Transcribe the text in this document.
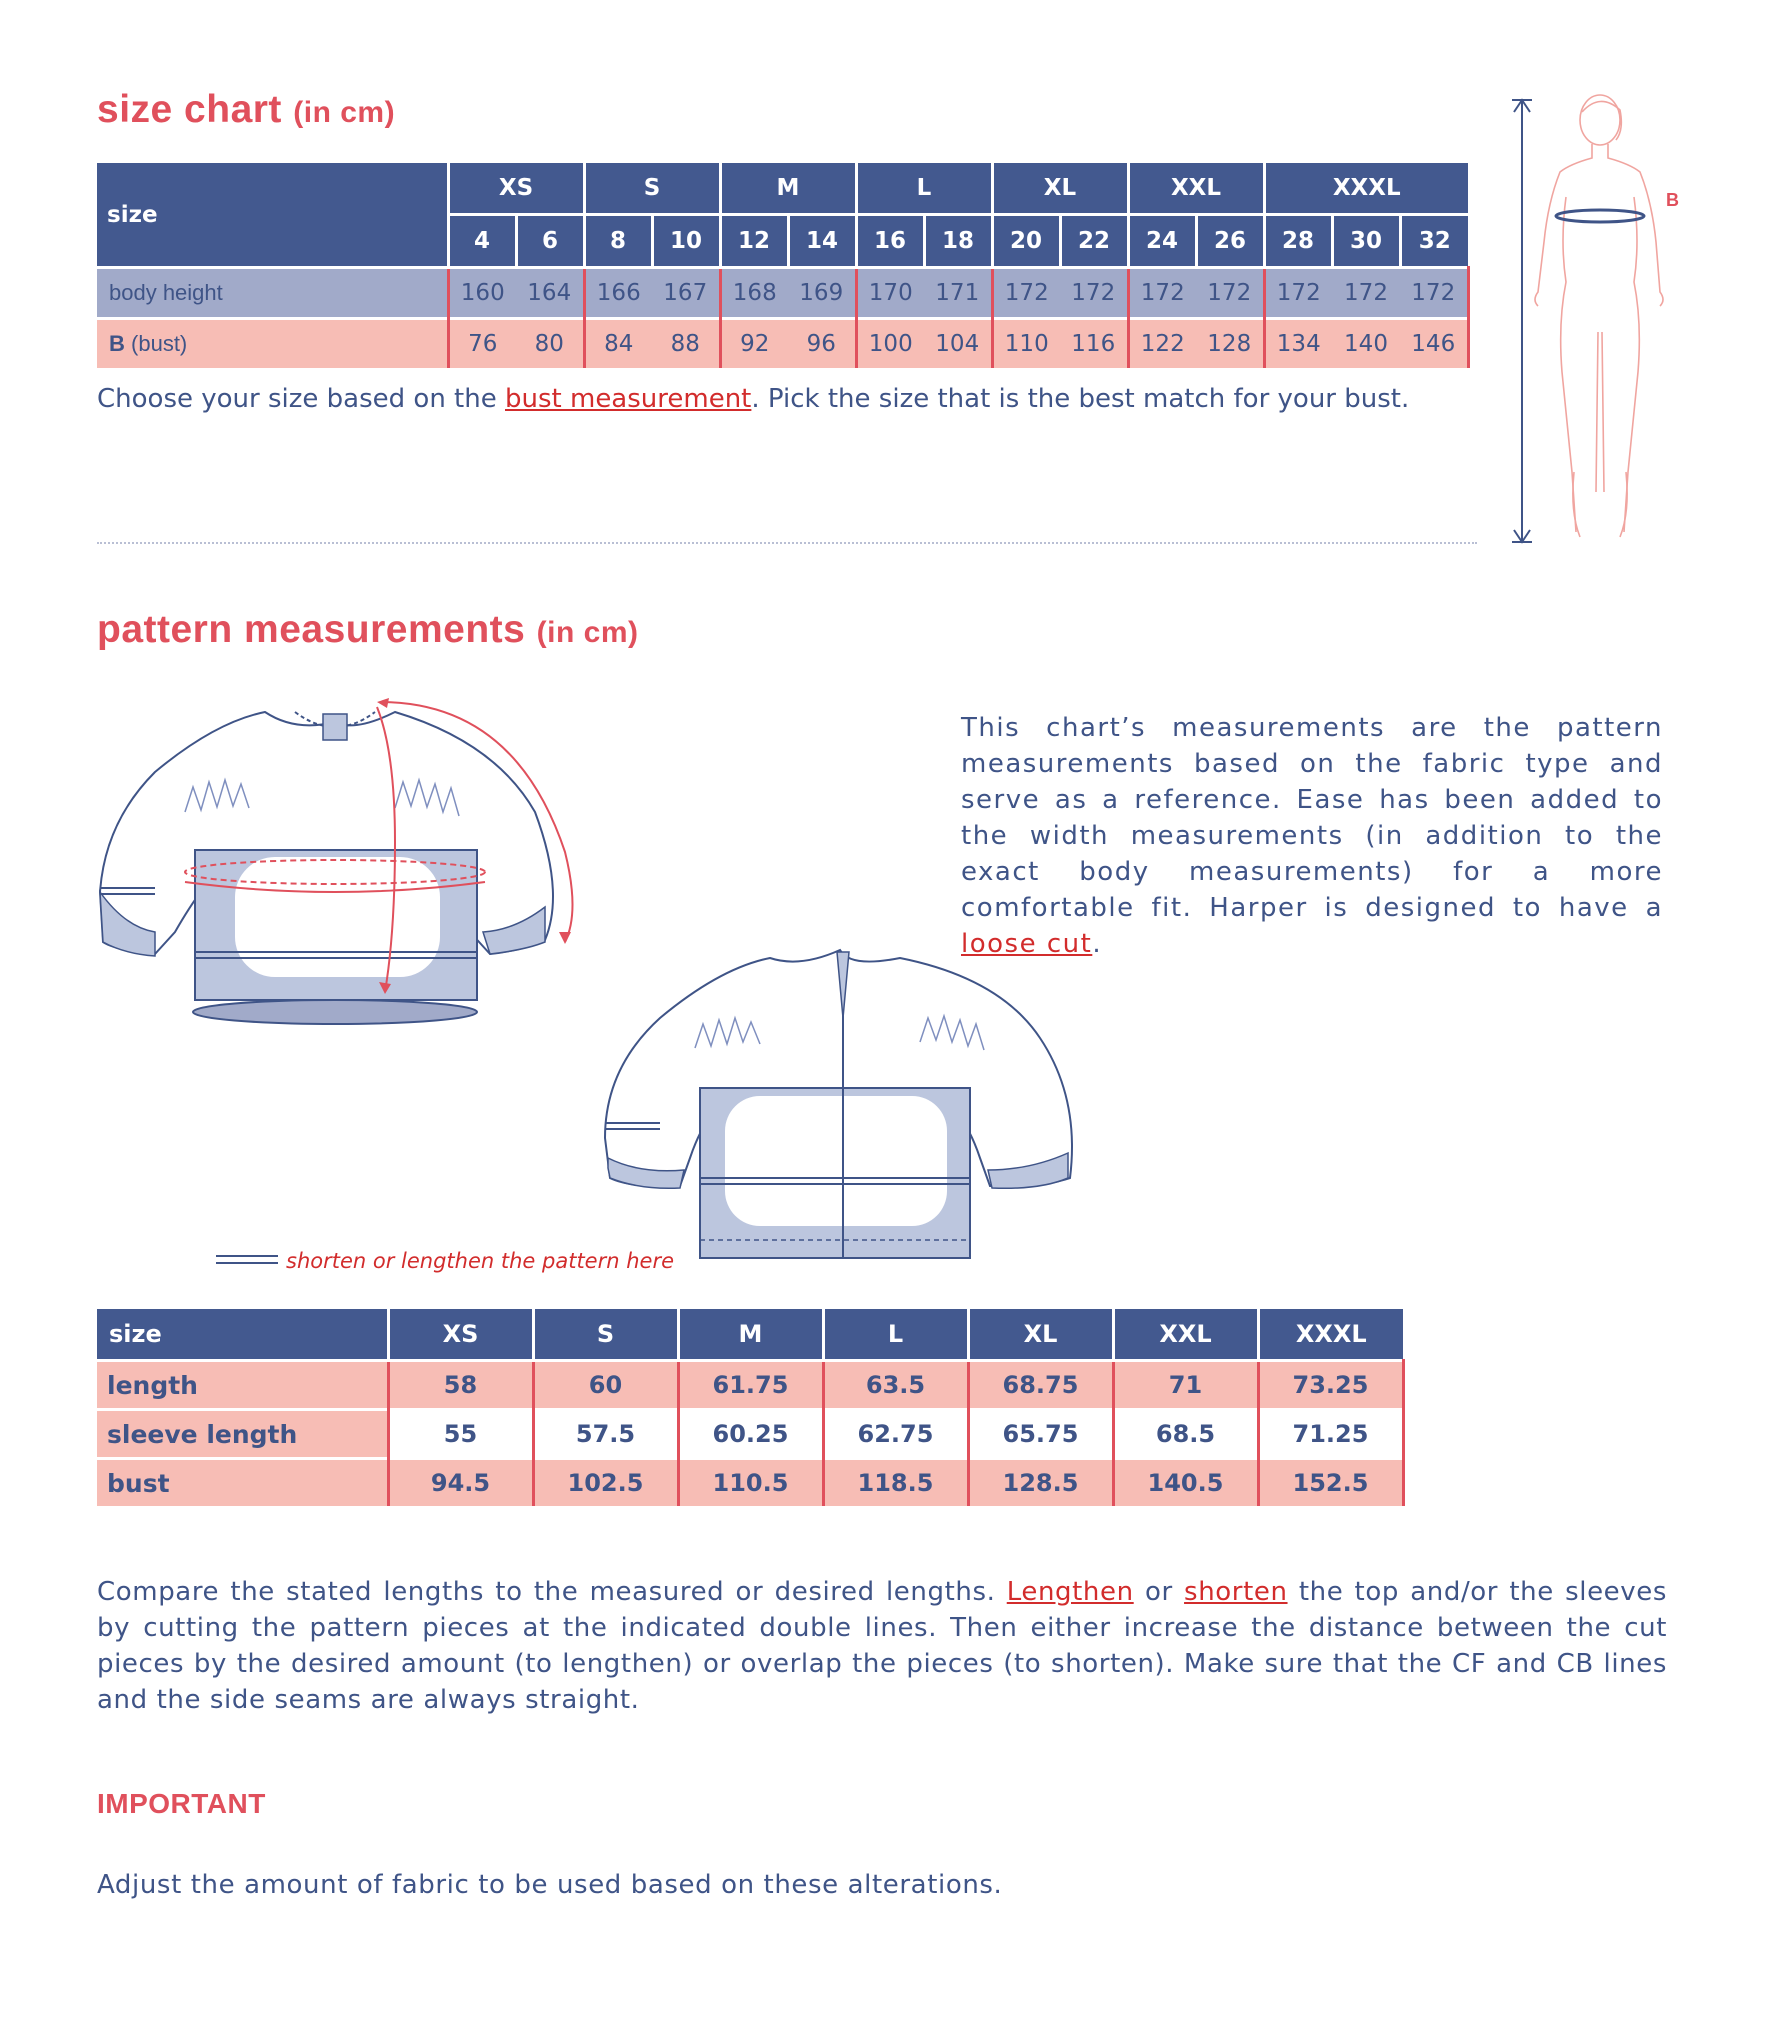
size chart (in cm)
size	XS		S		M		L		XL		XXL		XXXL		
	4	6	8	10	12	14	16	18	20	22	24	26	28	30	32
body height	160	164	166	167	168	169	170	171	172	172	172	172	172	172	172
B (bust)	76	80	84	88	92	96	100	104	110	116	122	128	134	140	146
Choose your size based on the bust measurement. Pick the size that is the best match for your bust.
B
pattern measurements (in cm)
This chart’s measurements are the pattern measurements based on the fabric type and serve as a reference. Ease has been added to the width measurements (in addition to the exact body measurements) for a more comfortable fit. Harper is designed to have a loose cut.
shorten or lengthen the pattern here
size	XS	S	M	L	XL	XXL	XXXL
length	58	60	61.75	63.5	68.75	71	73.25
sleeve length	55	57.5	60.25	62.75	65.75	68.5	71.25
bust	94.5	102.5	110.5	118.5	128.5	140.5	152.5
Compare the stated lengths to the measured or desired lengths. Lengthen or shorten the top and/or the sleeves by cutting the pattern pieces at the indicated double lines. Then either increase the distance between the cut pieces by the desired amount (to lengthen) or overlap the pieces (to shorten). Make sure that the CF and CB lines and the side seams are always straight.
IMPORTANT
Adjust the amount of fabric to be used based on these alterations.
